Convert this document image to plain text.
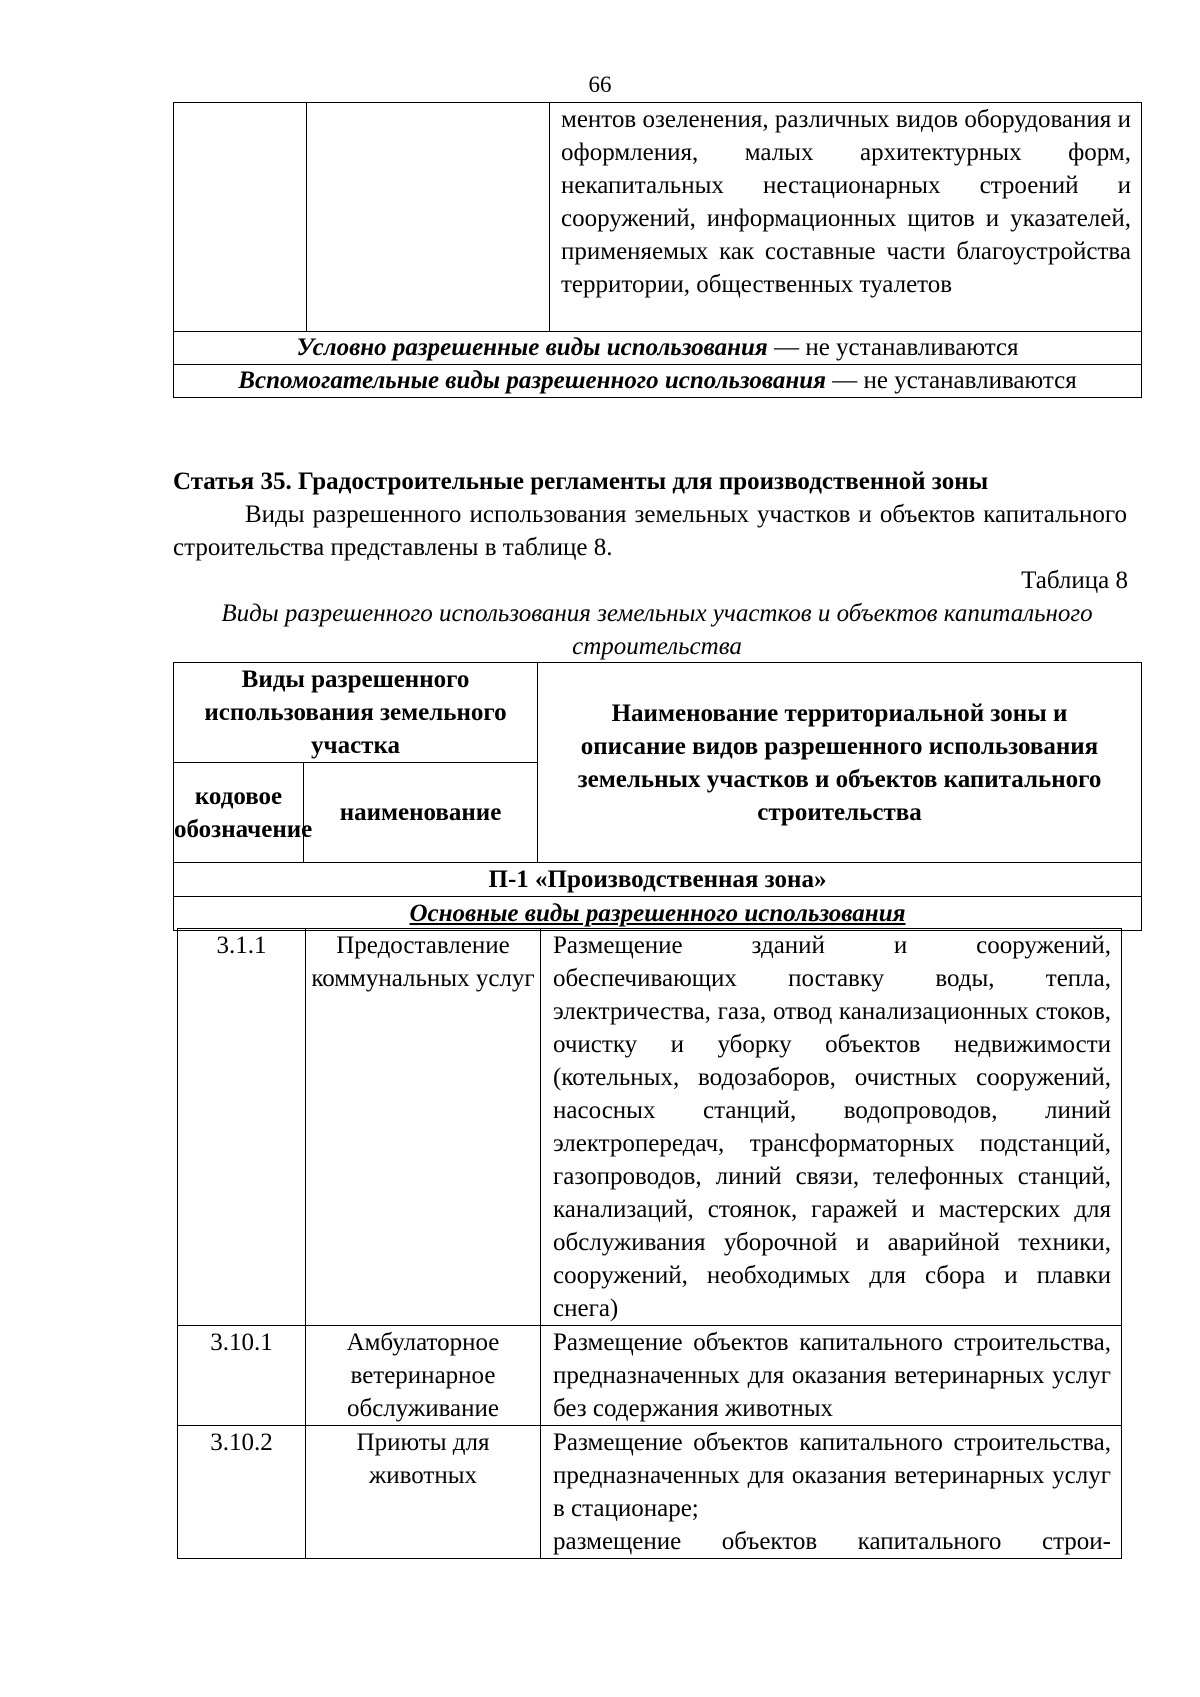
66
		ментов озеленения, различных видов оборудования и оформления, малых архитектурных форм, некапитальных нестационарных строений и сооружений, информационных щитов и указателей, применяемых как составные части благоустройства территории, общественных туалетов
Условно разрешенные виды использования — не устанавливаются
Вспомогательные виды разрешенного использования — не устанавливаются
Статья 35. Градостроительные регламенты для производственной зоны
Виды разрешенного использования земельных участков и объектов капитального строительства представлены в таблице 8.
Таблица 8
Виды разрешенного использования земельных участков и объектов капитального строительства
Виды разрешенного использования земельного участка		Наименование территориальной зоны и описание видов разрешенного использования земельных участков и объектов капитального строительства
кодовое обозначение	наименование	
П-1 «Производственная зона»		
Основные виды разрешенного использования		
3.1.1	Предоставление коммунальных услуг	Размещение зданий и сооружений, обеспечивающих поставку воды, тепла, электричества, газа, отвод канализационных стоков, очистку и уборку объектов недвижимости (котельных, водозаборов, очистных сооружений, насосных станций, водопроводов, линий электропередач, трансформаторных подстанций, газопроводов, линий связи, телефонных станций, канализаций, стоянок, гаражей и мастерских для обслуживания уборочной и аварийной техники, сооружений, необходимых для сбора и плавки снега)
3.10.1	Амбулаторное ветеринарное обслуживание	Размещение объектов капитального строительства, предназначенных для оказания ветеринарных услуг без содержания животных
3.10.2	Приюты для животных	Размещение объектов капитального строительства, предназначенных для оказания ветеринарных услуг в стационаре;
размещение объектов капитального строи-
